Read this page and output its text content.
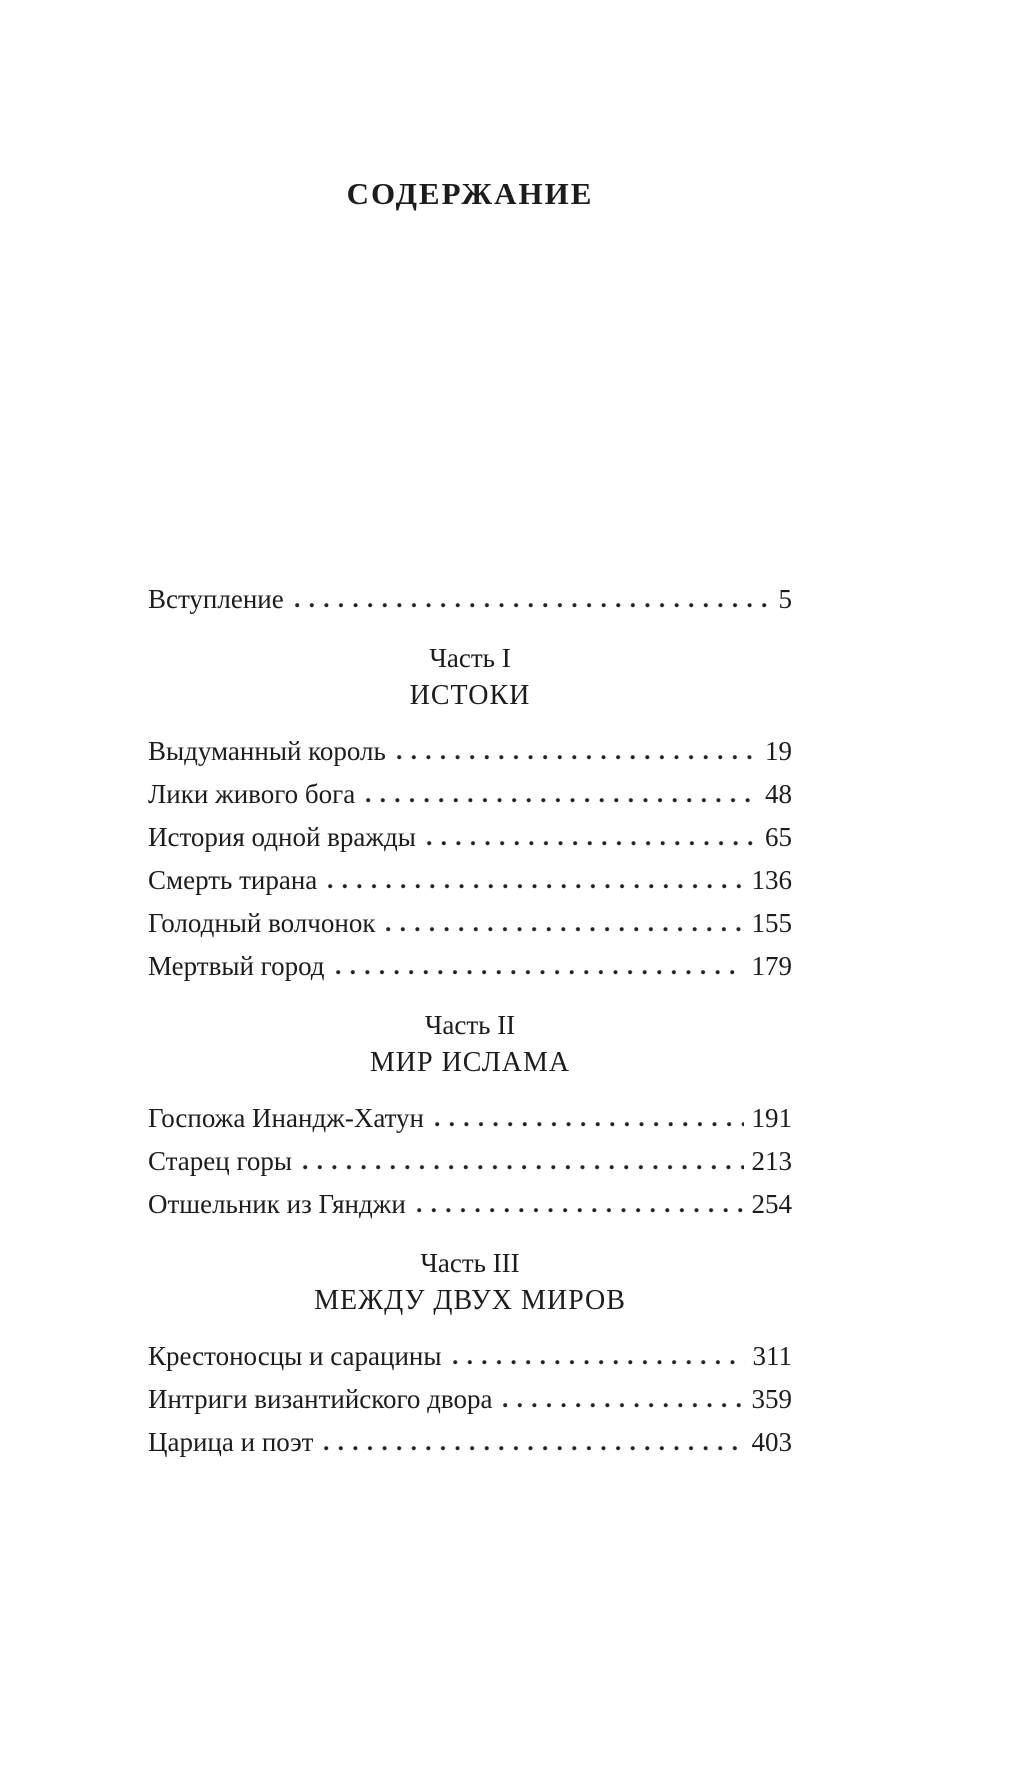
СОДЕРЖАНИЕ
Вступление	5
Часть I
ИСТОКИ
Выдуманный король	19
Лики живого бога	48
История одной вражды	65
Смерть тирана	136
Голодный волчонок	155
Мертвый город	179
Часть II
МИР ИСЛАМА
Госпожа Инандж-Хатун	191
Старец горы	213
Отшельник из Гянджи	254
Часть III
МЕЖДУ ДВУХ МИРОВ
Крестоносцы и сарацины	311
Интриги византийского двора	359
Царица и поэт	403
